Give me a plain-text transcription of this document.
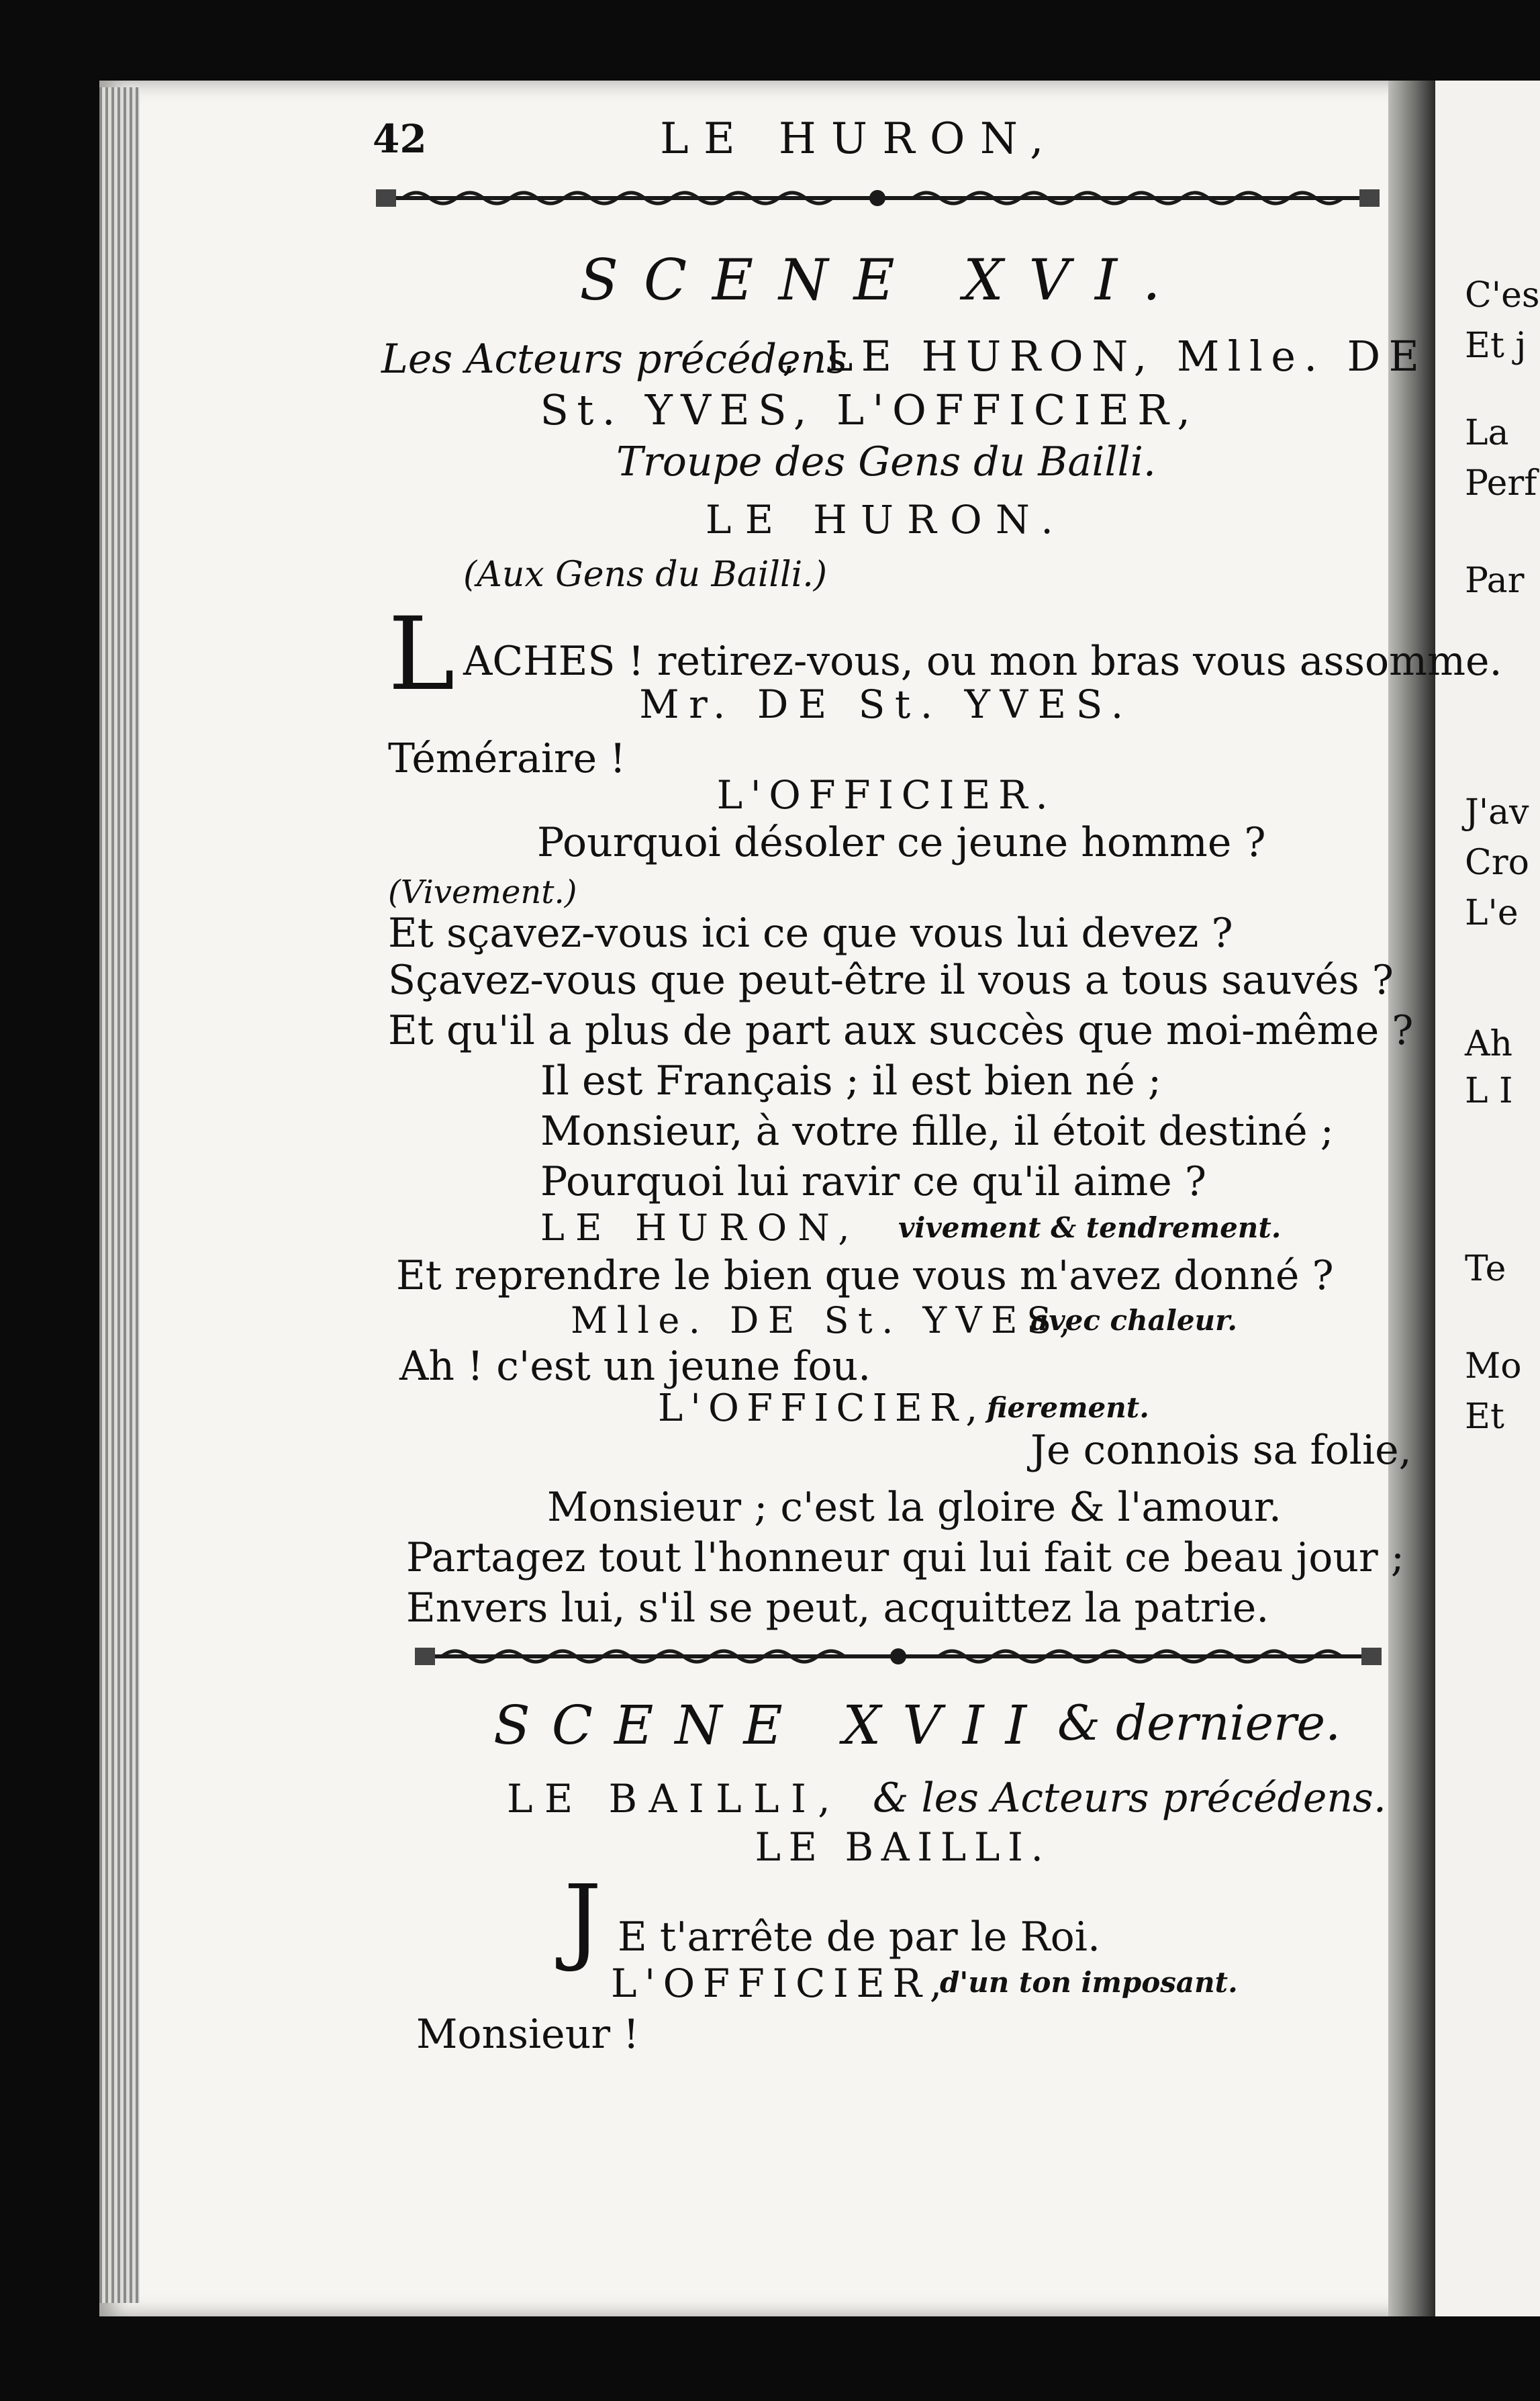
C'es
Et j
La
Perf
Par
J'av
Cro
L'e
Ah
L I
Te
Mo
Et
42	LE HURON,
SCENE XVI.
Les Acteurs précédens
, LE HURON, Mlle. DE
St. YVES, L'OFFICIER,
Troupe des Gens du Bailli.
LE HURON.
(Aux Gens du Bailli.)
L ACHES ! retirez-vous, ou mon bras vous assomme.
Mr. DE St. YVES.
Téméraire !
L'OFFICIER.
Pourquoi désoler ce jeune homme ?
(Vivement.)
Et sçavez-vous ici ce que vous lui devez ?
Sçavez-vous que peut-être il vous a tous sauvés ?
Et qu'il a plus de part aux succès que moi-même ?
Il est Français ; il est bien né ;
Monsieur, à votre fille, il étoit destiné ;
Pourquoi lui ravir ce qu'il aime ?
LE HURON, vivement & tendrement.
Et reprendre le bien que vous m'avez donné ?
Mlle. DE St. YVES,
avec chaleur.
Ah ! c'est un jeune fou.
L'OFFICIER, fierement.
Je connois sa folie,
Monsieur ; c'est la gloire & l'amour.
Partagez tout l'honneur qui lui fait ce beau jour ;
Envers lui, s'il se peut, acquittez la patrie.
SCENE XVII & derniere.
LE BAILLI, & les Acteurs précédens.
LE BAILLI.
J E t'arrête de par le Roi.
L'OFFICIER,
d'un ton imposant.
Monsieur !
